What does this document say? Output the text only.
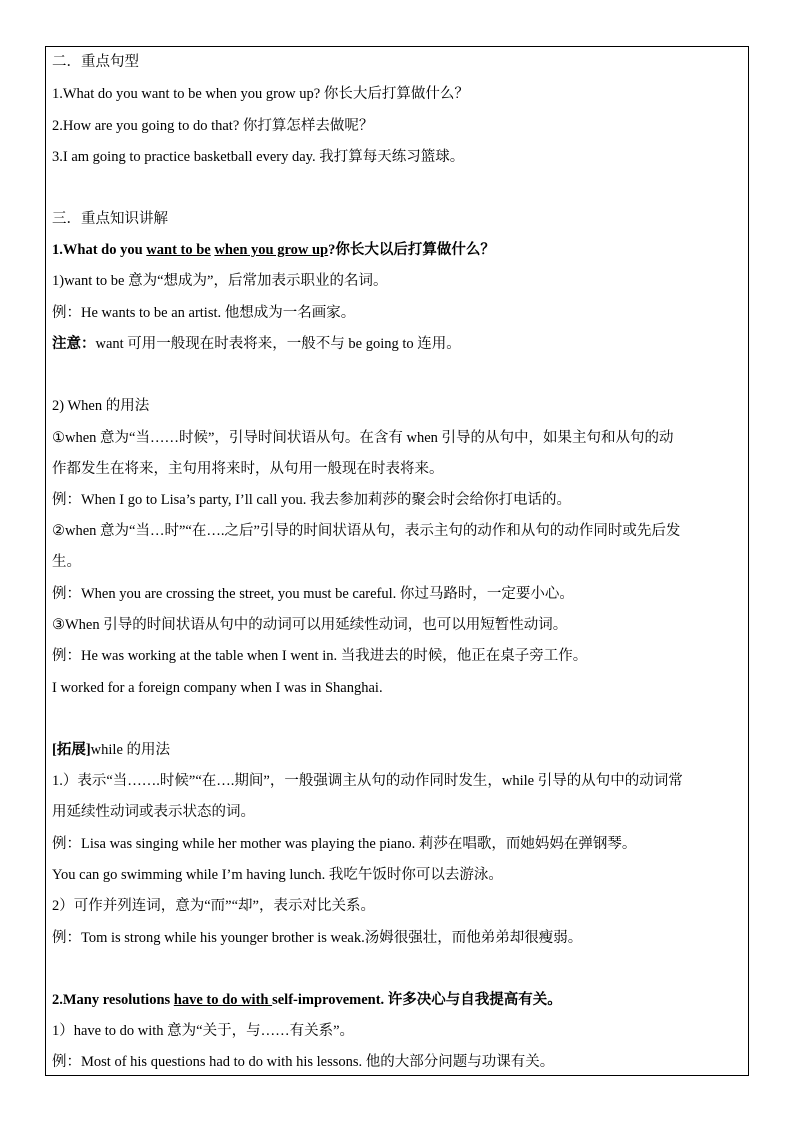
二．重点句型
1.What do you want to be when you grow up? 你长大后打算做什么？
2.How are you going to do that? 你打算怎样去做呢？
3.I am going to practice basketball every day. 我打算每天练习篮球。
三．重点知识讲解
1.What do you want to be when you grow up?你长大以后打算做什么？
1)want to be 意为“想成为”，后常加表示职业的名词。
例：He wants to be an artist. 他想成为一名画家。
注意：want 可用一般现在时表将来，一般不与 be going to 连用。
2) When 的用法
①when 意为“当……时候”，引导时间状语从句。在含有 when 引导的从句中，如果主句和从句的动
作都发生在将来，主句用将来时，从句用一般现在时表将来。
例：When I go to Lisa’s party, I’ll call you. 我去参加莉莎的聚会时会给你打电话的。
②when 意为“当…时”“在….之后”引导的时间状语从句，表示主句的动作和从句的动作同时或先后发
生。
例：When you are crossing the street, you must be careful. 你过马路时，一定要小心。
③When 引导的时间状语从句中的动词可以用延续性动词，也可以用短暂性动词。
例：He was working at the table when I went in. 当我进去的时候，他正在桌子旁工作。
I worked for a foreign company when I was in Shanghai.
[拓展]while 的用法
1.）表示“当…….时候”“在….期间”，一般强调主从句的动作同时发生，while 引导的从句中的动词常
用延续性动词或表示状态的词。
例：Lisa was singing while her mother was playing the piano. 莉莎在唱歌，而她妈妈在弹钢琴。
You can go swimming while I’m having lunch. 我吃午饭时你可以去游泳。
2）可作并列连词，意为“而”“却”，表示对比关系。
例：Tom is strong while his younger brother is weak.汤姆很强壮，而他弟弟却很瘦弱。
2.Many resolutions have to do with self-improvement. 许多决心与自我提高有关。
1）have to do with 意为“关于，与……有关系”。
例：Most of his questions had to do with his lessons. 他的大部分问题与功课有关。
